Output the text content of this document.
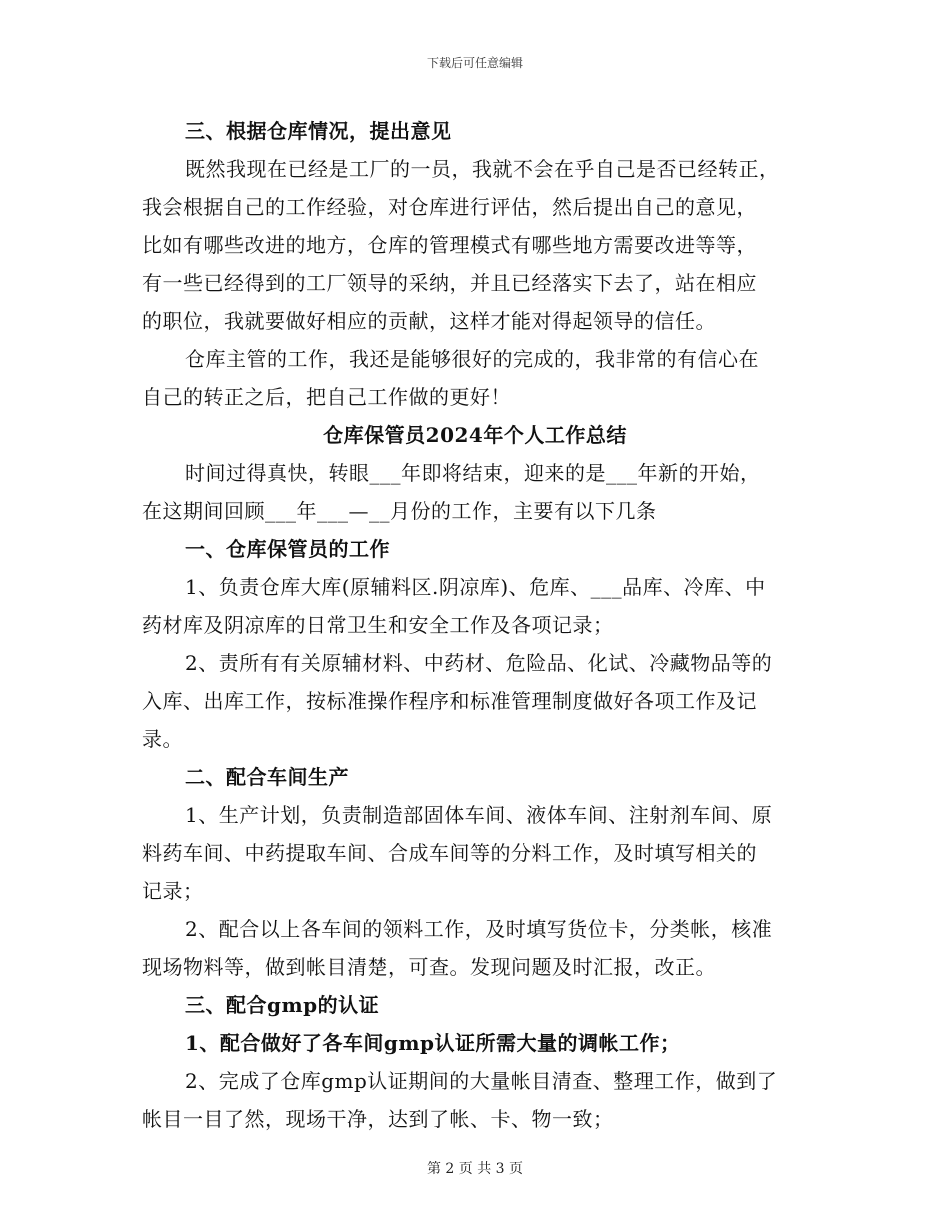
下载后可任意编辑
三、根据仓库情况，提出意见
既然我现在已经是工厂的一员，我就不会在乎自己是否已经转正，
我会根据自己的工作经验，对仓库进行评估，然后提出自己的意见，
比如有哪些改进的地方，仓库的管理模式有哪些地方需要改进等等，
有一些已经得到的工厂领导的采纳，并且已经落实下去了，站在相应
的职位，我就要做好相应的贡献，这样才能对得起领导的信任。
仓库主管的工作，我还是能够很好的完成的，我非常的有信心在
自己的转正之后，把自己工作做的更好！
仓库保管员2024年个人工作总结
时间过得真快，转眼___年即将结束，迎来的是___年新的开始，
在这期间回顾___年___—__月份的工作，主要有以下几条
一、仓库保管员的工作
1、负责仓库大库(原辅料区.阴凉库)、危库、___品库、冷库、中
药材库及阴凉库的日常卫生和安全工作及各项记录；
2、责所有有关原辅材料、中药材、危险品、化试、冷藏物品等的
入库、出库工作，按标准操作程序和标准管理制度做好各项工作及记
录。
二、配合车间生产
1、生产计划，负责制造部固体车间、液体车间、注射剂车间、原
料药车间、中药提取车间、合成车间等的分料工作，及时填写相关的
记录；
2、配合以上各车间的领料工作，及时填写货位卡，分类帐，核准
现场物料等，做到帐目清楚，可查。发现问题及时汇报，改正。
三、配合gmp的认证
1、配合做好了各车间gmp认证所需大量的调帐工作；
2、完成了仓库gmp认证期间的大量帐目清查、整理工作，做到了
帐目一目了然，现场干净，达到了帐、卡、物一致；
第 2 页 共 3 页
